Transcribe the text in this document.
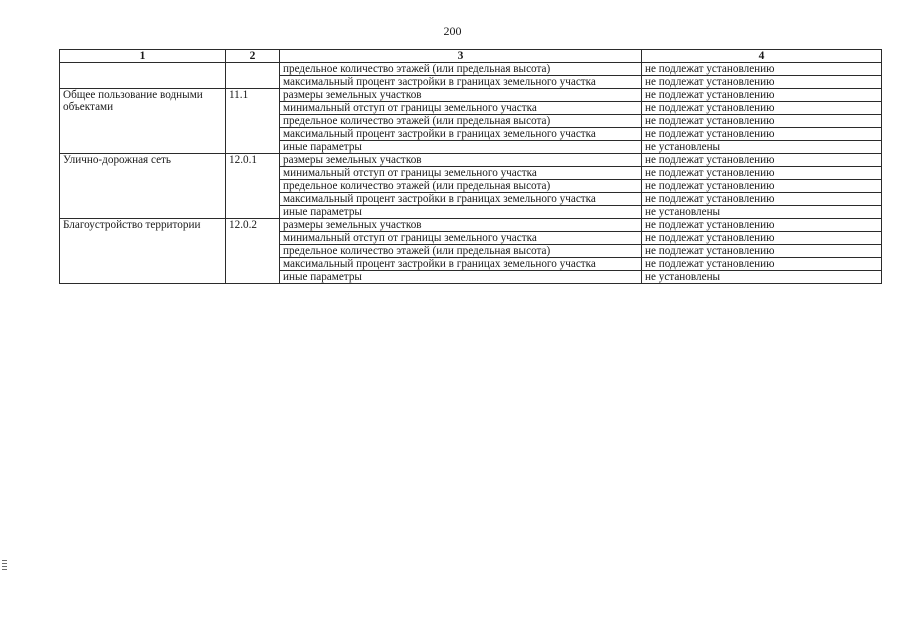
200
1	2	3	4
		предельное количество этажей (или предельная высота)	не подлежат установлению
		максимальный процент застройки в границах земельного участка	не подлежат установлению
Общее пользование водными объектами	11.1	размеры земельных участков	не подлежат установлению
		минимальный отступ от границы земельного участка	не подлежат установлению
		предельное количество этажей (или предельная высота)	не подлежат установлению
		максимальный процент застройки в границах земельного участка	не подлежат установлению
		иные параметры	не установлены
Улично-дорожная сеть	12.0.1	размеры земельных участков	не подлежат установлению
		минимальный отступ от границы земельного участка	не подлежат установлению
		предельное количество этажей (или предельная высота)	не подлежат установлению
		максимальный процент застройки в границах земельного участка	не подлежат установлению
		иные параметры	не установлены
Благоустройство территории	12.0.2	размеры земельных участков	не подлежат установлению
		минимальный отступ от границы земельного участка	не подлежат установлению
		предельное количество этажей (или предельная высота)	не подлежат установлению
		максимальный процент застройки в границах земельного участка	не подлежат установлению
		иные параметры	не установлены
